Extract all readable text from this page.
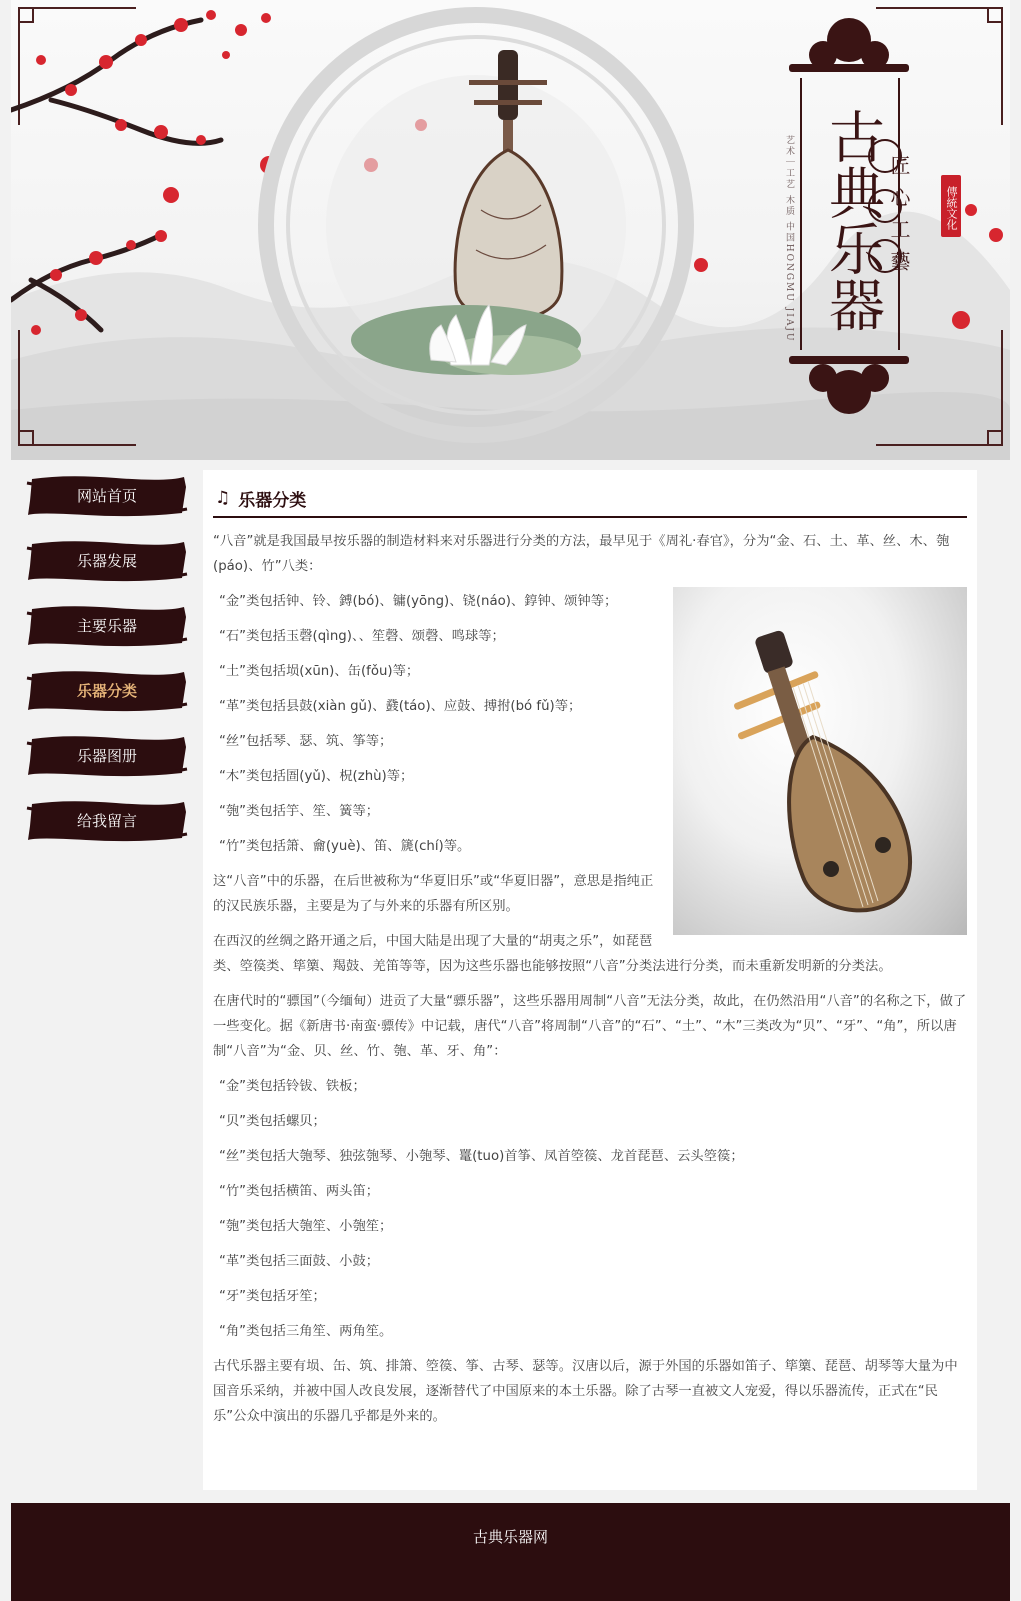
古典乐器 匠心工藝
艺术｜工艺 木质 中国HONGMU JIAJU	傳統文化
网站首页
乐器发展
主要乐器
乐器分类
乐器图册
给我留言
♫ 乐器分类

“八音”就是我国最早按乐器的制造材料来对乐器进行分类的方法，最早见于《周礼·春官》，分为“金、石、土、革、丝、木、匏(páo)、竹”八类：

“金”类包括钟、铃、鎛(bó)、镛(yōng)、铙(náo)、錞钟、颂钟等；

“石”类包括玉磬(qìng)、、笙磬、颂磬、鸣球等；

“土”类包括埙(xūn)、缶(fǒu)等；

“革”类包括县鼓(xiàn gǔ)、鼗(táo)、应鼓、搏拊(bó fǔ)等；

“丝”包括琴、瑟、筑、筝等；

“木”类包括圄(yǔ)、柷(zhù)等；

“匏”类包括竽、笙、簧等；

“竹”类包括箫、龠(yuè)、笛、篪(chí)等。

这“八音”中的乐器，在后世被称为“华夏旧乐”或“华夏旧器”，意思是指纯正的汉民族乐器，主要是为了与外来的乐器有所区别。

在西汉的丝绸之路开通之后，中国大陆是出现了大量的“胡夷之乐”，如琵琶类、箜篌类、筚篥、羯鼓、羌笛等等，因为这些乐器也能够按照“八音”分类法进行分类，而未重新发明新的分类法。

在唐代时的“骠国”（今缅甸）进贡了大量“骠乐器”，这些乐器用周制“八音”无法分类，故此，在仍然沿用“八音”的名称之下，做了一些变化。据《新唐书·南蛮·骠传》中记载，唐代“八音”将周制“八音”的“石”、“土”、“木”三类改为“贝”、“牙”、“角”，所以唐制“八音”为“金、贝、丝、竹、匏、革、牙、角”：

“金”类包括铃钹、铁板；

“贝”类包括螺贝；

“丝”类包括大匏琴、独弦匏琴、小匏琴、鼍(tuo)首筝、凤首箜篌、龙首琵琶、云头箜篌；

“竹”类包括横笛、两头笛；

“匏”类包括大匏笙、小匏笙；

“革”类包括三面鼓、小鼓；

“牙”类包括牙笙；

“角”类包括三角笙、两角笙。

古代乐器主要有埙、缶、筑、排箫、箜篌、筝、古琴、瑟等。汉唐以后，源于外国的乐器如笛子、筚篥、琵琶、胡琴等大量为中国音乐采纳，并被中国人改良发展，逐渐替代了中国原来的本土乐器。除了古琴一直被文人宠爱，得以乐器流传，正式在“民乐”公众中演出的乐器几乎都是外来的。

古典乐器网
